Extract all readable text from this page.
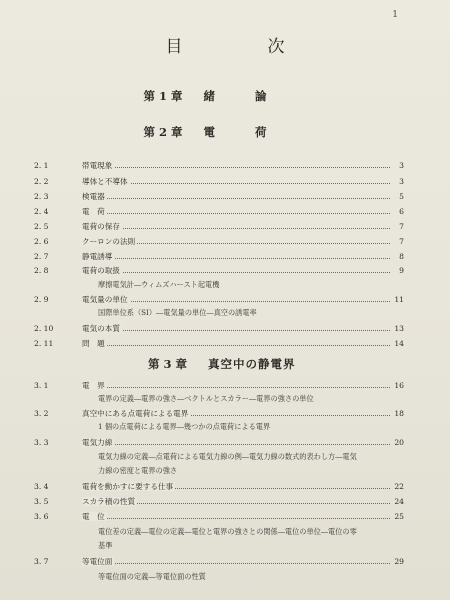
1
目　次
第 1 章 緒論
第 2 章 電荷
2. 1	帯電現象	3
2. 2	導体と不導体	3
2. 3	検電器	5
2. 4	電　荷	6
2. 5	電荷の保存	7
2. 6	クーロンの法則	7
2. 7	静電誘導	8
2. 8	電荷の取扱	9
摩擦電気計―ウィムズハースト起電機
2. 9	電気量の単位	11
国際単位系（SI）―電気量の単位―真空の誘電率
2. 10	電気の本質	13
2. 11	問　題	14
第 3 章 真空中の静電界
3. 1	電　界	16
電界の定義―電界の強さ―ベクトルとスカラー―電界の強さの単位
3. 2	真空中にある点電荷による電界	18
1 個の点電荷による電界―幾つかの点電荷による電界
3. 3	電気力線	20
電気力線の定義―点電荷による電気力線の例―電気力線の数式的表わし方―電気
力線の密度と電界の強さ
3. 4	電荷を動かすに要する仕事	22
3. 5	スカラ積の性質	24
3. 6	電　位	25
電位差の定義―電位の定義―電位と電界の強さとの関係―電位の単位―電位の零
基準
3. 7	等電位面	29
等電位面の定義―等電位面の性質
